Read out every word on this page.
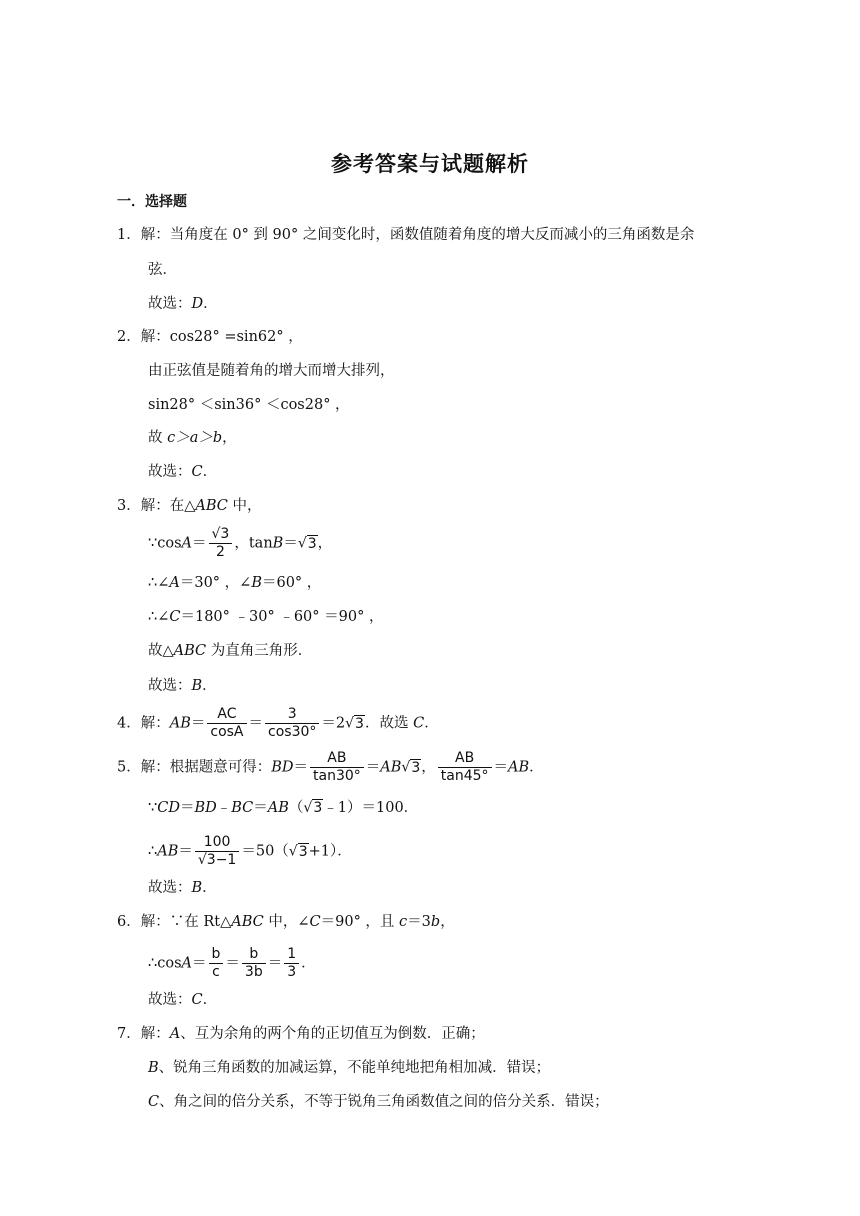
参考答案与试题解析
一．选择题
1．解：当角度在 0° 到 90° 之间变化时，函数值随着角度的增大反而减小的三角函数是余
弦．
故选：D．
2．解：cos28° =sin62° ，
由正弦值是随着角的增大而增大排列，
sin28° ＜sin36° ＜cos28° ，
故 c＞a＞b，
故选：C．
3．解：在△ABC 中，
∵cosA＝ $\frac{√3}{2}$ ，tanB＝√3，
∴∠A＝30° ，∠B＝60° ，
∴∠C＝180° ﹣30° ﹣60° ＝90° ，
故△ABC 为直角三角形．
故选：B．
4．解：$AB= \frac{AC}{\cos A} = \frac{3}{\cos 30^\circ} =2√3$．故选 C．
5．解：根据题意可得：$BD= \frac{AB}{\tan 30^\circ} =AB√3$， $\frac{AB}{\tan 45^\circ} =AB$．
∵CD＝BD﹣BC＝AB（√3﹣1）＝100．
∴AB＝ $\frac{100}{√3-1} =50(√3+1)$．
故选：B．
6．解：∵在 Rt△ABC 中，∠C＝90° ，且 c＝3b，
∴cosA＝ $\frac{b}{c} = \frac{b}{3b} = \frac{1}{3}$ ．
故选：C．
7．解：A、互为余角的两个角的正切值互为倒数．正确；
B、锐角三角函数的加减运算，不能单纯地把角相加减．错误；
C、角之间的倍分关系，不等于锐角三角函数值之间的倍分关系．错误；
